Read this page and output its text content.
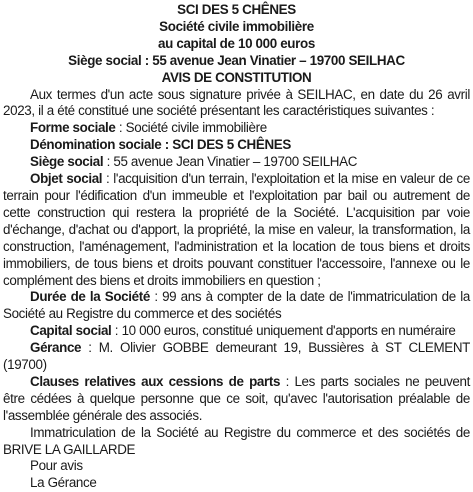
SCI DES 5 CHÊNES

Société civile immobilière

au capital de 10 000 euros

Siège social : 55 avenue Jean Vinatier – 19700 SEILHAC

AVIS DE CONSTITUTION

Aux termes d'un acte sous signature privée à SEILHAC, en date du 26 avril 2023, il a été constitué une société présentant les caractéristiques suivantes :

Forme sociale : Société civile immobilière

Dénomination sociale : SCI DES 5 CHÊNES

Siège social : 55 avenue Jean Vinatier – 19700 SEILHAC

Objet social : l'acquisition d'un terrain, l'exploitation et la mise en valeur de ce terrain pour l'édification d'un immeuble et l'exploitation par bail ou autrement de cette construction qui restera la propriété de la Société. L'acquisition par voie d'échange, d'achat ou d'apport, la propriété, la mise en valeur, la transformation, la construction, l'aménagement, l'administration et la location de tous biens et droits immobiliers, de tous biens et droits pouvant constituer l'accessoire, l'annexe ou le complément des biens et droits immobiliers en question ;

Durée de la Société : 99 ans à compter de la date de l'immatriculation de la Société au Registre du commerce et des sociétés

Capital social : 10 000 euros, constitué uniquement d'apports en numéraire

Gérance : M. Olivier GOBBE demeurant 19, Bussières à ST CLEMENT (19700)

Clauses relatives aux cessions de parts : Les parts sociales ne peuvent être cédées à quelque personne que ce soit, qu'avec l'autorisation préalable de l'assemblée générale des associés.

Immatriculation de la Société au Registre du commerce et des sociétés de BRIVE LA GAILLARDE

Pour avis

La Gérance
